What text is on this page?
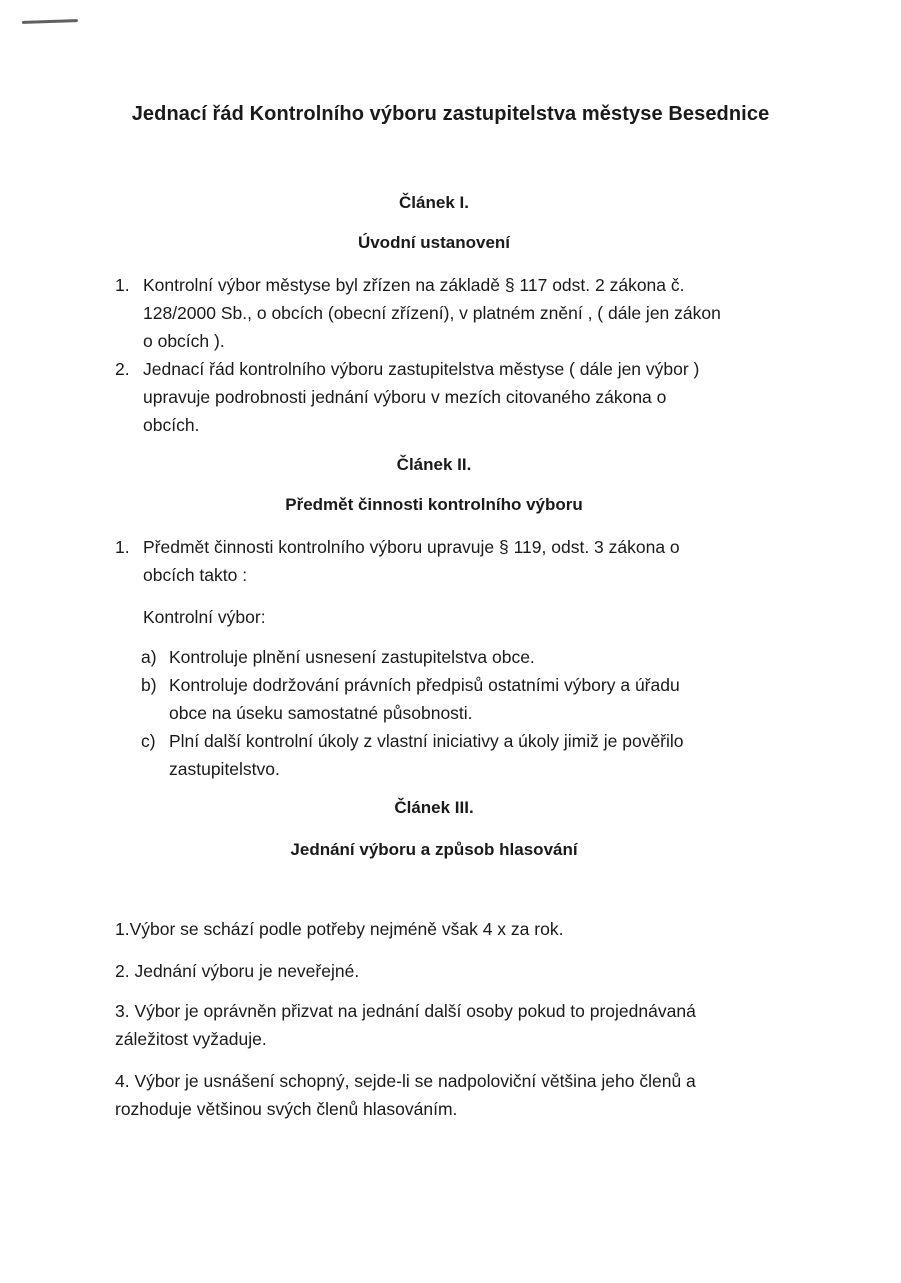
Jednací řád Kontrolního výboru zastupitelstva městyse Besednice
Článek I.
Úvodní ustanovení
1. Kontrolní výbor městyse byl zřízen na základě § 117 odst. 2 zákona č.
128/2000 Sb., o obcích (obecní zřízení), v platném znění , ( dále jen zákon
o obcích ).
2. Jednací řád kontrolního výboru zastupitelstva městyse ( dále jen výbor )
upravuje podrobnosti jednání výboru v mezích citovaného zákona o
obcích.
Článek II.
Předmět činnosti kontrolního výboru
1. Předmět činnosti kontrolního výboru upravuje § 119, odst. 3 zákona o
obcích takto :
Kontrolní výbor:
a) Kontroluje plnění usnesení zastupitelstva obce.
b) Kontroluje dodržování právních předpisů ostatními výbory a úřadu
obce na úseku samostatné působnosti.
c) Plní další kontrolní úkoly z vlastní iniciativy a úkoly jimiž je pověřilo
zastupitelstvo.
Článek III.
Jednání výboru a způsob hlasování
1.Výbor se schází podle potřeby nejméně však 4 x za rok.
2. Jednání výboru je neveřejné.
3. Výbor je oprávněn přizvat na jednání další osoby pokud to projednávaná
záležitost vyžaduje.
4. Výbor je usnášení schopný, sejde-li se nadpoloviční většina jeho členů a
rozhoduje většinou svých členů hlasováním.
